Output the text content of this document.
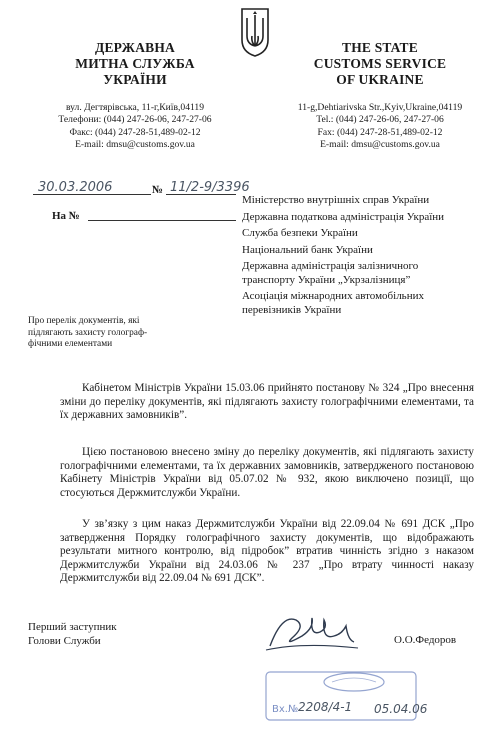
ДЕРЖАВНА
МИТНА СЛУЖБА
УКРАЇНИ
вул. Дегтярівська, 11-г,Київ,04119
Телефони: (044) 247-26-06, 247-27-06
Факс: (044) 247-28-51,489-02-12
E-mail: dmsu@customs.gov.ua
THE STATE
CUSTOMS SERVICE
OF UKRAINE
11-g,Dehtiarivska Str.,Kyiv,Ukraine,04119
Tel.: (044) 247-26-06, 247-27-06
Fax: (044) 247-28-51,489-02-12
E-mail: dmsu@customs.gov.ua
30.03.2006	№ 11/2-9/3396
На №
Міністерство внутрішніх справ України
Державна податкова адміністрація України
Служба безпеки України
Національний банк України
Державна адміністрація залізничного
транспорту України „Укрзалізниця”
Асоціація міжнародних автомобільних
перевізників України
Про перелік документів, які
підлягають захисту голограф-
фічними елементами
Кабінетом Міністрів України 15.03.06 прийнято постанову № 324 „Про внесення зміни до переліку документів, які підлягають захисту голографічними елементами, та їх державних замовників”.
Цією постановою внесено зміну до переліку документів, які підлягають захисту голографічними елементами, та їх державних замовників, затвердженого постановою Кабінету Міністрів України від 05.07.02 № 932, якою виключено позиції, що стосуються Держмитслужби України.
У зв’язку з цим наказ Держмитслужби України від 22.09.04 № 691 ДСК „Про затвердження Порядку голографічного захисту документів, що відображають результати митного контролю, від підробок” втратив чинність згідно з наказом Держмитслужби України від 24.03.06 № 237 „Про втрату чинності наказу Держмитслужби від 22.09.04 № 691 ДСК”.
Перший заступник
Голови Служби	О.О.Федоров
Вх.№ 2208/4-1 05.04.06
